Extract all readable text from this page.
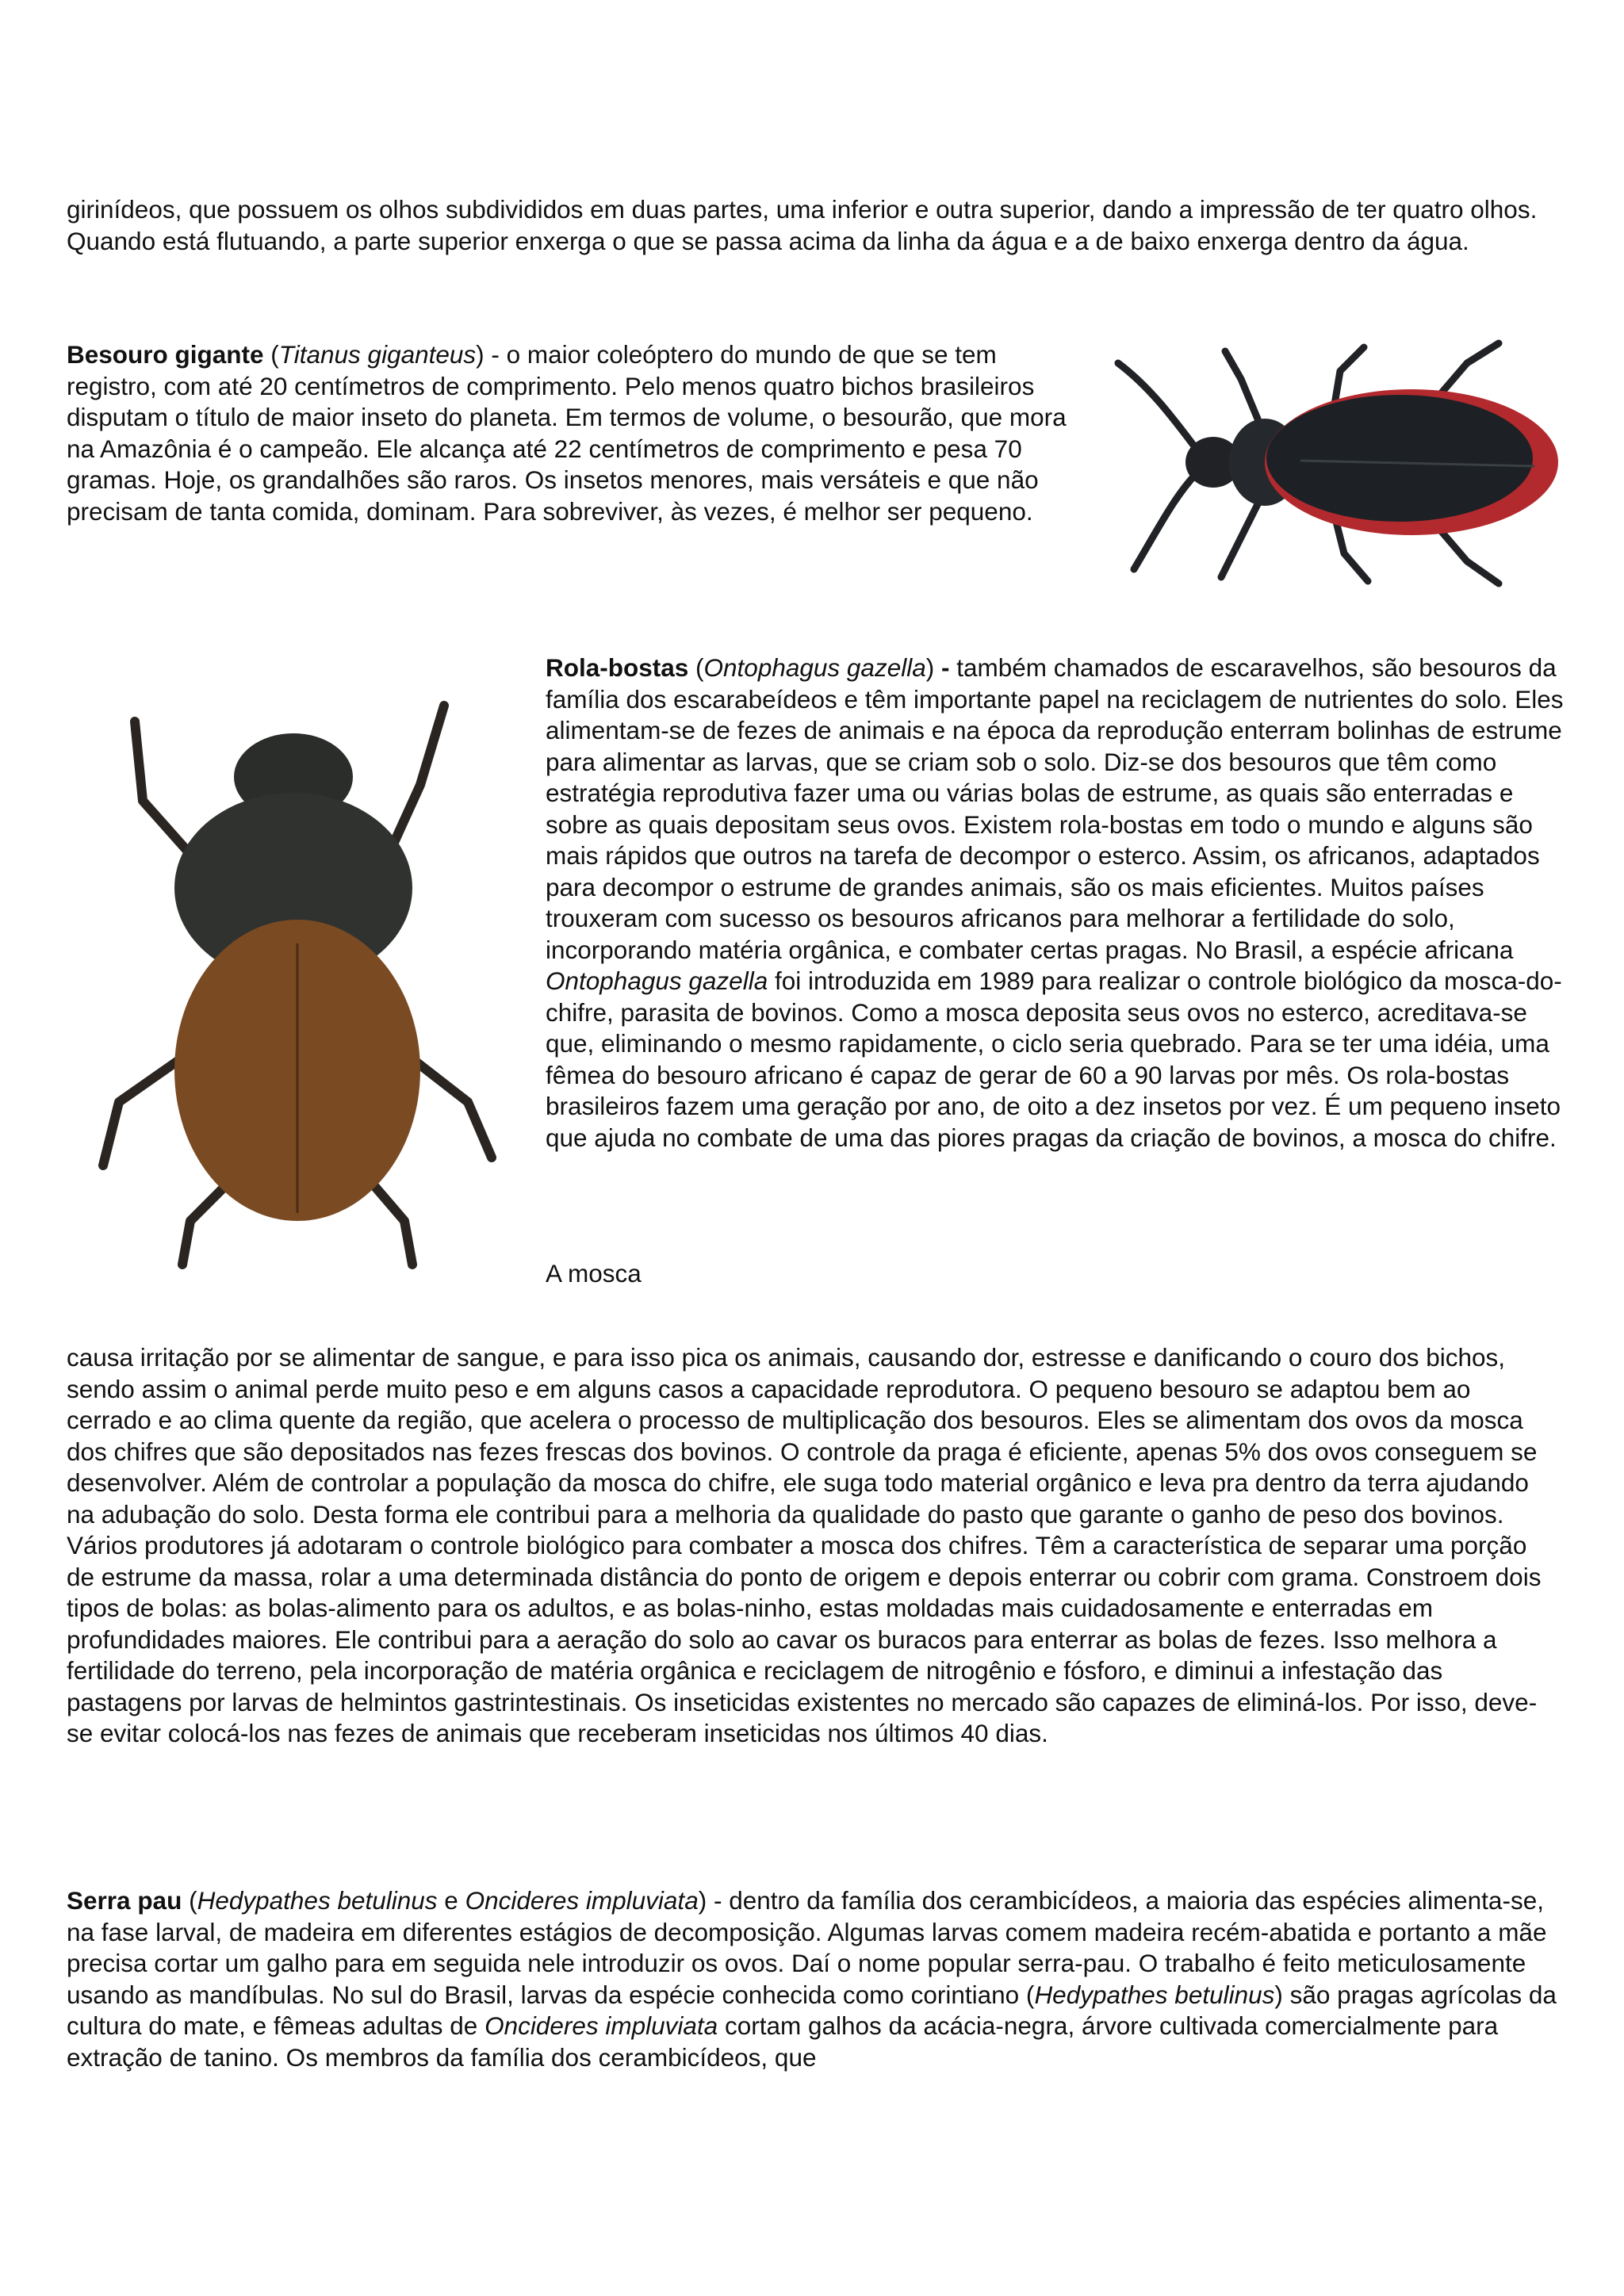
girinídeos, que possuem os olhos subdivididos em duas partes, uma inferior e outra superior, dando a impressão de ter quatro olhos. Quando está flutuando, a parte superior enxerga o que se passa acima da linha da água e a de baixo enxerga dentro da água.

Besouro gigante (Titanus giganteus) - o maior coleóptero do mundo de que se tem registro, com até 20 centímetros de comprimento. Pelo menos quatro bichos brasileiros disputam o título de maior inseto do planeta. Em termos de volume, o besourão, que mora na Amazônia é o campeão. Ele alcança até 22 centímetros de comprimento e pesa 70 gramas. Hoje, os grandalhões são raros. Os insetos menores, mais versáteis e que não precisam de tanta comida, dominam. Para sobreviver, às vezes, é melhor ser pequeno.

Rola-bostas (Ontophagus gazella) - também chamados de escaravelhos, são besouros da família dos escarabeídeos e têm importante papel na reciclagem de nutrientes do solo. Eles alimentam-se de fezes de animais e na época da reprodução enterram bolinhas de estrume para alimentar as larvas, que se criam sob o solo. Diz-se dos besouros que têm como estratégia reprodutiva fazer uma ou várias bolas de estrume, as quais são enterradas e sobre as quais depositam seus ovos. Existem rola-bostas em todo o mundo e alguns são mais rápidos que outros na tarefa de decompor o esterco. Assim, os africanos, adaptados para decompor o estrume de grandes animais, são os mais eficientes. Muitos países trouxeram com sucesso os besouros africanos para melhorar a fertilidade do solo, incorporando matéria orgânica, e combater certas pragas. No Brasil, a espécie africana Ontophagus gazella foi introduzida em 1989 para realizar o controle biológico da mosca-do-chifre, parasita de bovinos. Como a mosca deposita seus ovos no esterco, acreditava-se que, eliminando o mesmo rapidamente, o ciclo seria quebrado. Para se ter uma idéia, uma fêmea do besouro africano é capaz de gerar de 60 a 90 larvas por mês. Os rola-bostas brasileiros fazem uma geração por ano, de oito a dez insetos por vez. É um pequeno inseto que ajuda no combate de uma das piores pragas da criação de bovinos, a mosca do chifre.

A mosca

causa irritação por se alimentar de sangue, e para isso pica os animais, causando dor, estresse e danificando o couro dos bichos, sendo assim o animal perde muito peso e em alguns casos a capacidade reprodutora. O pequeno besouro se adaptou bem ao cerrado e ao clima quente da região, que acelera o processo de multiplicação dos besouros. Eles se alimentam dos ovos da mosca dos chifres que são depositados nas fezes frescas dos bovinos. O controle da praga é eficiente, apenas 5% dos ovos conseguem se desenvolver. Além de controlar a população da mosca do chifre, ele suga todo material orgânico e leva pra dentro da terra ajudando na adubação do solo. Desta forma ele contribui para a melhoria da qualidade do pasto que garante o ganho de peso dos bovinos. Vários produtores já adotaram o controle biológico para combater a mosca dos chifres. Têm a característica de separar uma porção de estrume da massa, rolar a uma determinada distância do ponto de origem e depois enterrar ou cobrir com grama. Constroem dois tipos de bolas: as bolas-alimento para os adultos, e as bolas-ninho, estas moldadas mais cuidadosamente e enterradas em profundidades maiores. Ele contribui para a aeração do solo ao cavar os buracos para enterrar as bolas de fezes. Isso melhora a fertilidade do terreno, pela incorporação de matéria orgânica e reciclagem de nitrogênio e fósforo, e diminui a infestação das pastagens por larvas de helmintos gastrintestinais. Os inseticidas existentes no mercado são capazes de eliminá-los. Por isso, deve-se evitar colocá-los nas fezes de animais que receberam inseticidas nos últimos 40 dias.

Serra pau (Hedypathes betulinus e Oncideres impluviata) - dentro da família dos cerambicídeos, a maioria das espécies alimenta-se, na fase larval, de madeira em diferentes estágios de decomposição. Algumas larvas comem madeira recém-abatida e portanto a mãe precisa cortar um galho para em seguida nele introduzir os ovos. Daí o nome popular serra-pau. O trabalho é feito meticulosamente usando as mandíbulas. No sul do Brasil, larvas da espécie conhecida como corintiano (Hedypathes betulinus) são pragas agrícolas da cultura do mate, e fêmeas adultas de Oncideres impluviata cortam galhos da acácia-negra, árvore cultivada comercialmente para extração de tanino. Os membros da família dos cerambicídeos, que
